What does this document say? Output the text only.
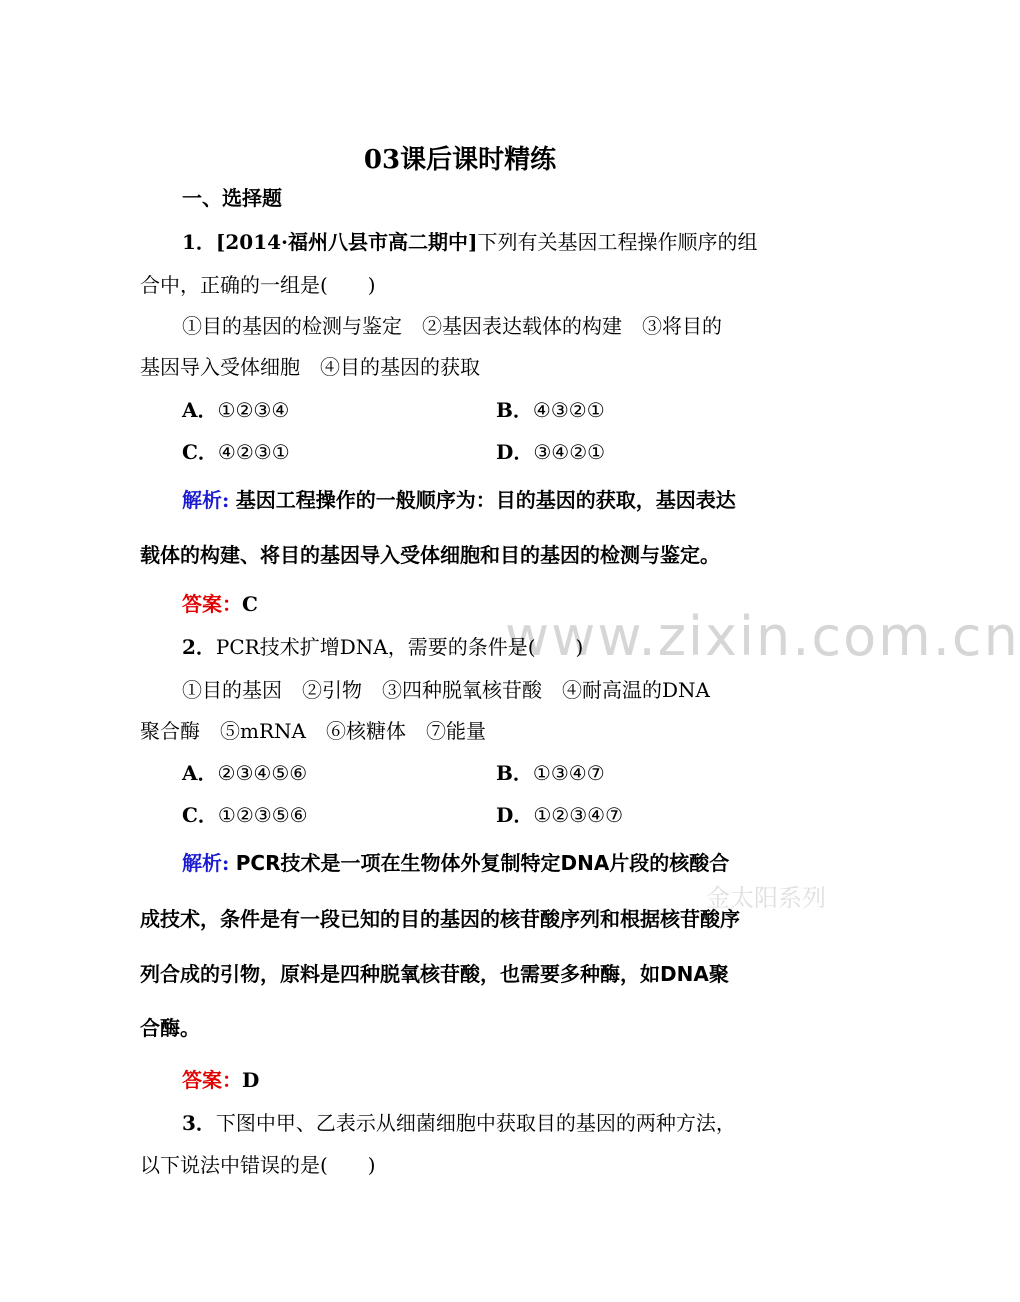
www.zixin.com.cn
金太阳系列
03课后课时精练
一、选择题
1．[2014·福州八县市高二期中]下列有关基因工程操作顺序的组
合中，正确的一组是(　　)
①目的基因的检测与鉴定　②基因表达载体的构建　③将目的
基因导入受体细胞　④目的基因的获取
A．①②③④	B．④③②①
C．④②③①	D．③④②①
解析: 基因工程操作的一般顺序为：目的基因的获取，基因表达
载体的构建、将目的基因导入受体细胞和目的基因的检测与鉴定。
答案：C
2．PCR技术扩增DNA，需要的条件是(　　)
①目的基因　②引物　③四种脱氧核苷酸　④耐高温的DNA
聚合酶　⑤mRNA　⑥核糖体　⑦能量
A．②③④⑤⑥	B．①③④⑦
C．①②③⑤⑥	D．①②③④⑦
解析: PCR技术是一项在生物体外复制特定DNA片段的核酸合
成技术，条件是有一段已知的目的基因的核苷酸序列和根据核苷酸序
列合成的引物，原料是四种脱氧核苷酸，也需要多种酶，如DNA聚
合酶。
答案：D
3．下图中甲、乙表示从细菌细胞中获取目的基因的两种方法，
以下说法中错误的是(　　)
